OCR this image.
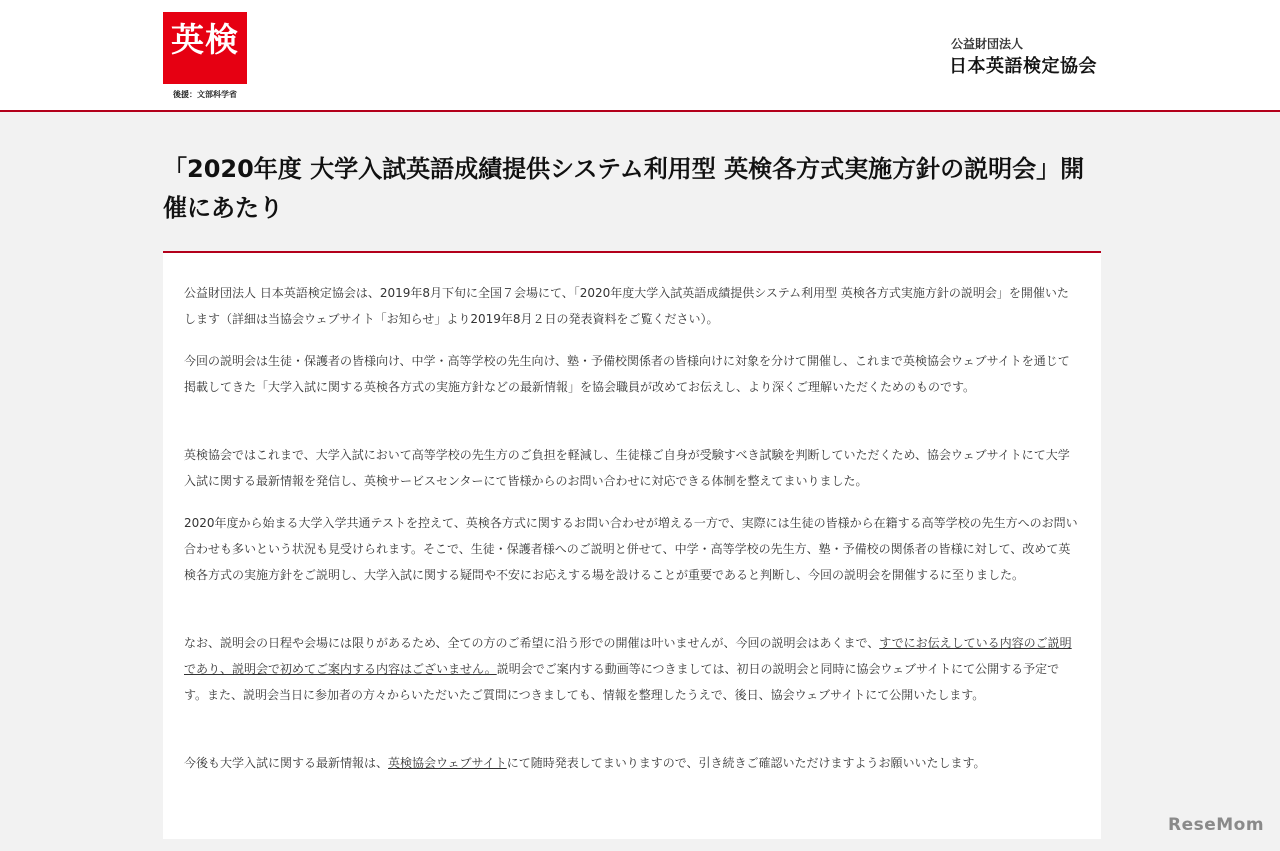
英検
後援：文部科学省
公益財団法人
日本英語検定協会
「2020年度 大学入試英語成績提供システム利用型 英検各方式実施方針の説明会」開催にあたり

公益財団法人 日本英語検定協会は、2019年8月下旬に全国７会場にて、「2020年度大学入試英語成績提供システム利用型 英検各方式実施方針の説明会」を開催いたします（詳細は当協会ウェブサイト「お知らせ」より2019年8月２日の発表資料をご覧ください）。

今回の説明会は生徒・保護者の皆様向け、中学・高等学校の先生向け、塾・予備校関係者の皆様向けに対象を分けて開催し、これまで英検協会ウェブサイトを通じて掲載してきた「大学入試に関する英検各方式の実施方針などの最新情報」を協会職員が改めてお伝えし、より深くご理解いただくためのものです。

英検協会ではこれまで、大学入試において高等学校の先生方のご負担を軽減し、生徒様ご自身が受験すべき試験を判断していただくため、協会ウェブサイトにて大学入試に関する最新情報を発信し、英検サービスセンターにて皆様からのお問い合わせに対応できる体制を整えてまいりました。

2020年度から始まる大学入学共通テストを控えて、英検各方式に関するお問い合わせが増える一方で、実際には生徒の皆様から在籍する高等学校の先生方へのお問い合わせも多いという状況も見受けられます。そこで、生徒・保護者様へのご説明と併せて、中学・高等学校の先生方、塾・予備校の関係者の皆様に対して、改めて英検各方式の実施方針をご説明し、大学入試に関する疑問や不安にお応えする場を設けることが重要であると判断し、今回の説明会を開催するに至りました。

なお、説明会の日程や会場には限りがあるため、全ての方のご希望に沿う形での開催は叶いませんが、今回の説明会はあくまで、すでにお伝えしている内容のご説明であり、説明会で初めてご案内する内容はございません。説明会でご案内する動画等につきましては、初日の説明会と同時に協会ウェブサイトにて公開する予定です。また、説明会当日に参加者の方々からいただいたご質問につきましても、情報を整理したうえで、後日、協会ウェブサイトにて公開いたします。

今後も大学入試に関する最新情報は、英検協会ウェブサイトにて随時発表してまいりますので、引き続きご確認いただけますようお願いいたします。

ReseMom
